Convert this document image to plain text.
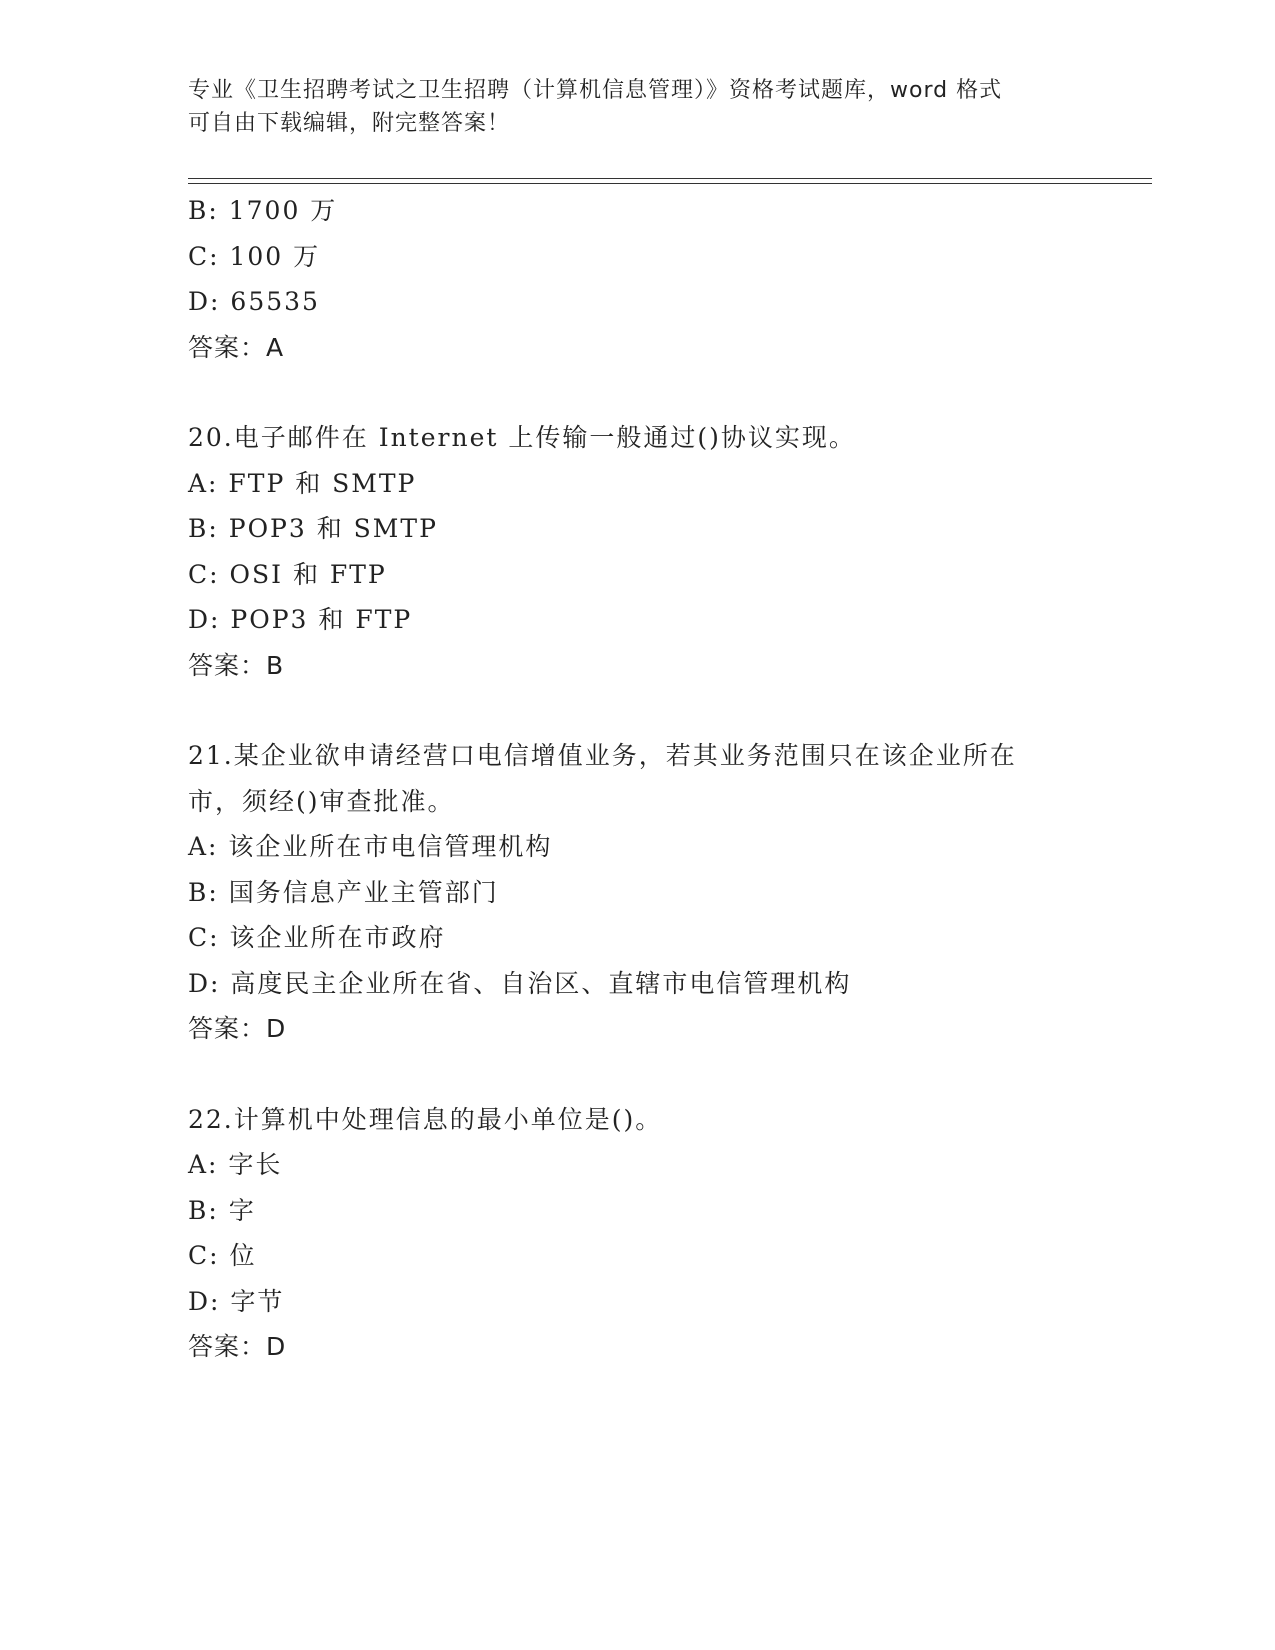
专业《卫生招聘考试之卫生招聘（计算机信息管理）》资格考试题库，word 格式
可自由下载编辑，附完整答案！
B: 1700 万
C: 100 万
D: 65535
答案：A
20.电子邮件在 Internet 上传输一般通过()协议实现。
A: FTP 和 SMTP
B: POP3 和 SMTP
C: OSI 和 FTP
D: POP3 和 FTP
答案：B
21.某企业欲申请经营口电信增值业务，若其业务范围只在该企业所在
市，须经()审查批准。
A: 该企业所在市电信管理机构
B: 国务信息产业主管部门
C: 该企业所在市政府
D: 高度民主企业所在省、自治区、直辖市电信管理机构
答案：D
22.计算机中处理信息的最小单位是()。
A: 字长
B: 字
C: 位
D: 字节
答案：D
